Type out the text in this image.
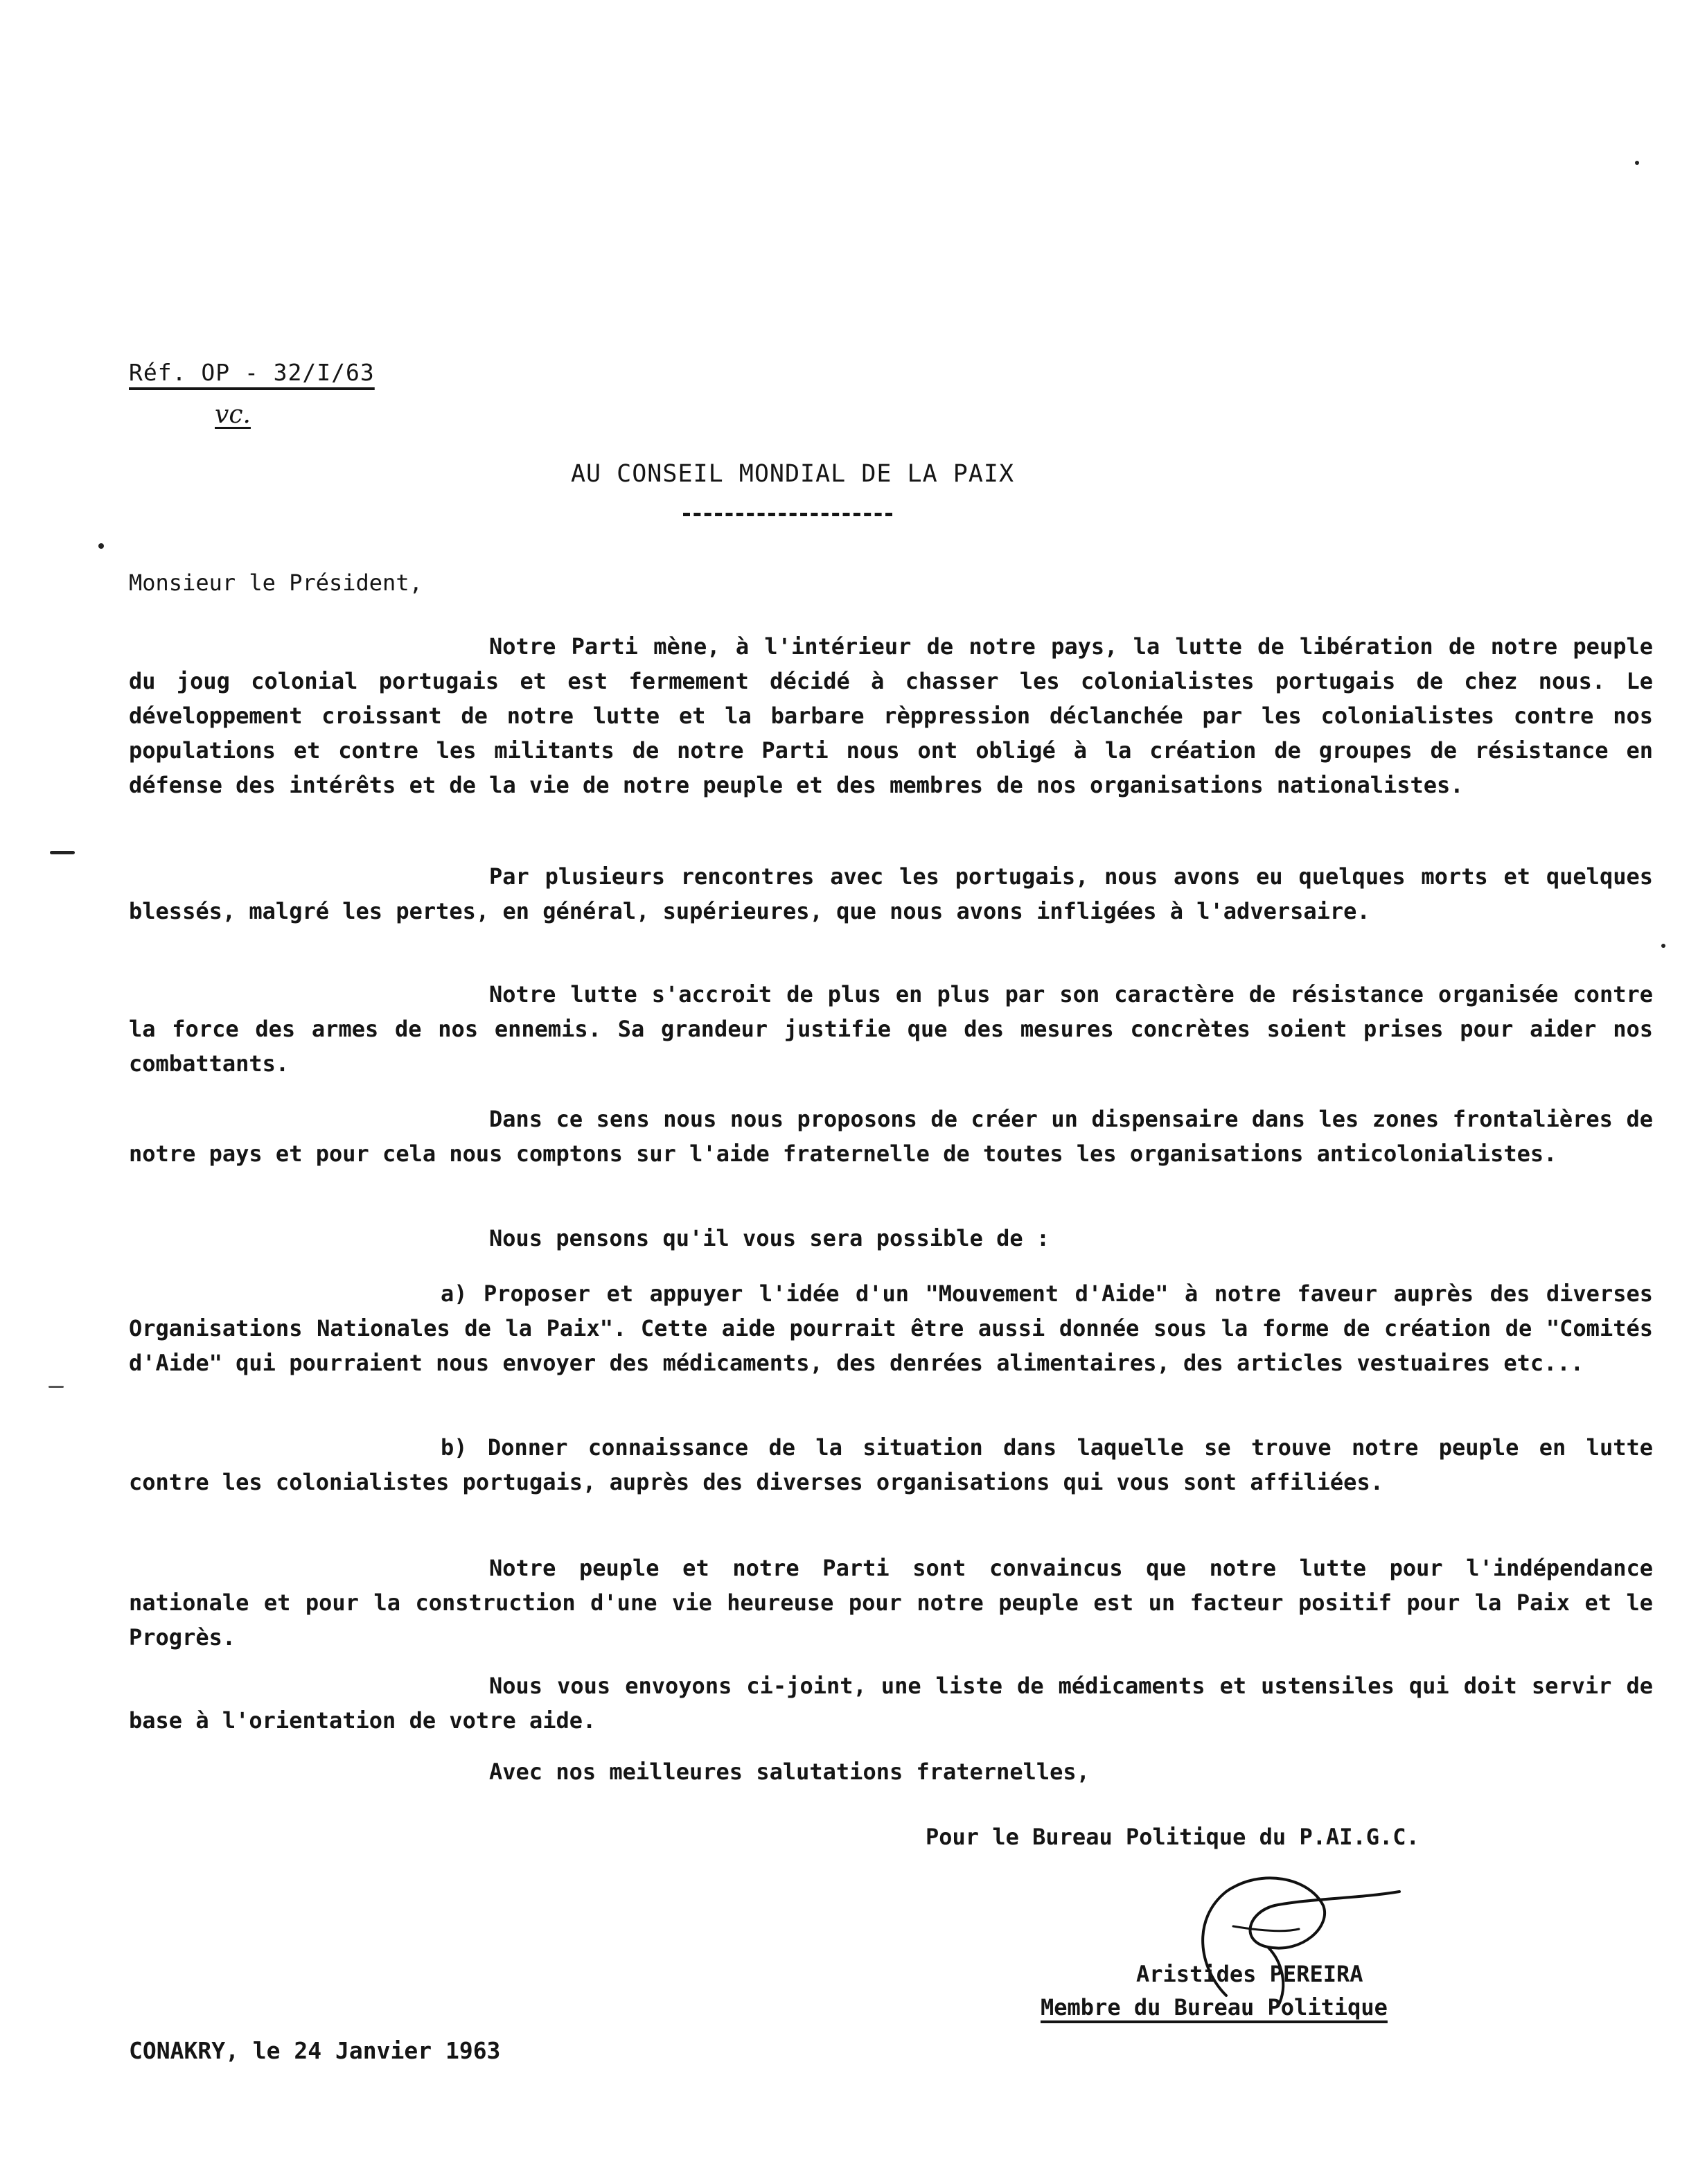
Réf. OP - 32/I/63
vc.
AU CONSEIL MONDIAL DE LA PAIX
Monsieur le Président,
Notre Parti mène, à l'intérieur de notre pays, la lutte de libération de notre peuple du joug colonial portugais et est fermement décidé à chasser les colonialistes portugais de chez nous. Le développement croissant de notre lutte et la barbare rèppression déclanchée par les colonialistes contre nos populations et contre les militants de notre Parti nous ont obligé à la création de groupes de résistance en défense des intérêts et de la vie de notre peuple et des membres de nos organisations nationalistes.
Par plusieurs rencontres avec les portugais, nous avons eu quelques morts et quelques blessés, malgré les pertes, en général, supérieures, que nous avons infligées à l'adversaire.
Notre lutte s'accroit de plus en plus par son caractère de résistance organisée contre la force des armes de nos ennemis. Sa grandeur justifie que des mesures concrètes soient prises pour aider nos combattants.
Dans ce sens nous nous proposons de créer un dispensaire dans les zones frontalières de notre pays et pour cela nous comptons sur l'aide fraternelle de toutes les organisations anticolonialistes.
Nous pensons qu'il vous sera possible de :
a) Proposer et appuyer l'idée d'un "Mouvement d'Aide" à notre faveur auprès des diverses Organisations Nationales de la Paix". Cette aide pourrait être aussi donnée sous la forme de création de "Comités d'Aide" qui pourraient nous envoyer des médicaments, des denrées alimentaires, des articles vestuaires etc...
b) Donner connaissance de la situation dans laquelle se trouve notre peuple en lutte contre les colonialistes portugais, auprès des diverses organisations qui vous sont affiliées.
Notre peuple et notre Parti sont convaincus que notre lutte pour l'indépendance nationale et pour la construction d'une vie heureuse pour notre peuple est un facteur positif pour la Paix et le Progrès.
Nous vous envoyons ci-joint, une liste de médicaments et ustensiles qui doit servir de base à l'orientation de votre aide.
Avec nos meilleures salutations fraternelles,
Pour le Bureau Politique du P.AI.G.C.
Aristides PEREIRA
Membre du Bureau Politique
CONAKRY, le 24 Janvier 1963
